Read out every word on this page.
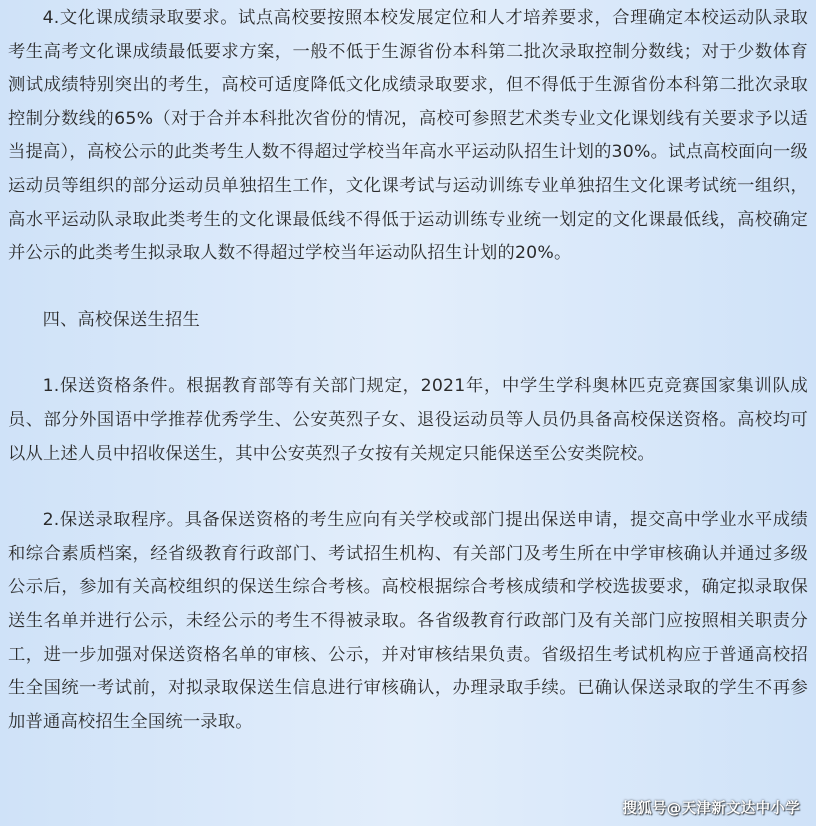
4.文化课成绩录取要求。试点高校要按照本校发展定位和人才培养要求，合理确定本校运动队录取考生高考文化课成绩最低要求方案，一般不低于生源省份本科第二批次录取控制分数线；对于少数体育测试成绩特别突出的考生，高校可适度降低文化成绩录取要求，但不得低于生源省份本科第二批次录取控制分数线的65%（对于合并本科批次省份的情况，高校可参照艺术类专业文化课划线有关要求予以适当提高），高校公示的此类考生人数不得超过学校当年高水平运动队招生计划的30%。试点高校面向一级运动员等组织的部分运动员单独招生工作，文化课考试与运动训练专业单独招生文化课考试统一组织，高水平运动队录取此类考生的文化课最低线不得低于运动训练专业统一划定的文化课最低线，高校确定并公示的此类考生拟录取人数不得超过学校当年运动队招生计划的20%。

四、高校保送生招生

1.保送资格条件。根据教育部等有关部门规定，2021年，中学生学科奥林匹克竞赛国家集训队成员、部分外国语中学推荐优秀学生、公安英烈子女、退役运动员等人员仍具备高校保送资格。高校均可以从上述人员中招收保送生，其中公安英烈子女按有关规定只能保送至公安类院校。

2.保送录取程序。具备保送资格的考生应向有关学校或部门提出保送申请，提交高中学业水平成绩和综合素质档案，经省级教育行政部门、考试招生机构、有关部门及考生所在中学审核确认并通过多级公示后，参加有关高校组织的保送生综合考核。高校根据综合考核成绩和学校选拔要求，确定拟录取保送生名单并进行公示，未经公示的考生不得被录取。各省级教育行政部门及有关部门应按照相关职责分工，进一步加强对保送资格名单的审核、公示，并对审核结果负责。省级招生考试机构应于普通高校招生全国统一考试前，对拟录取保送生信息进行审核确认，办理录取手续。已确认保送录取的学生不再参加普通高校招生全国统一录取。

搜狐号@天津新文达中小学
